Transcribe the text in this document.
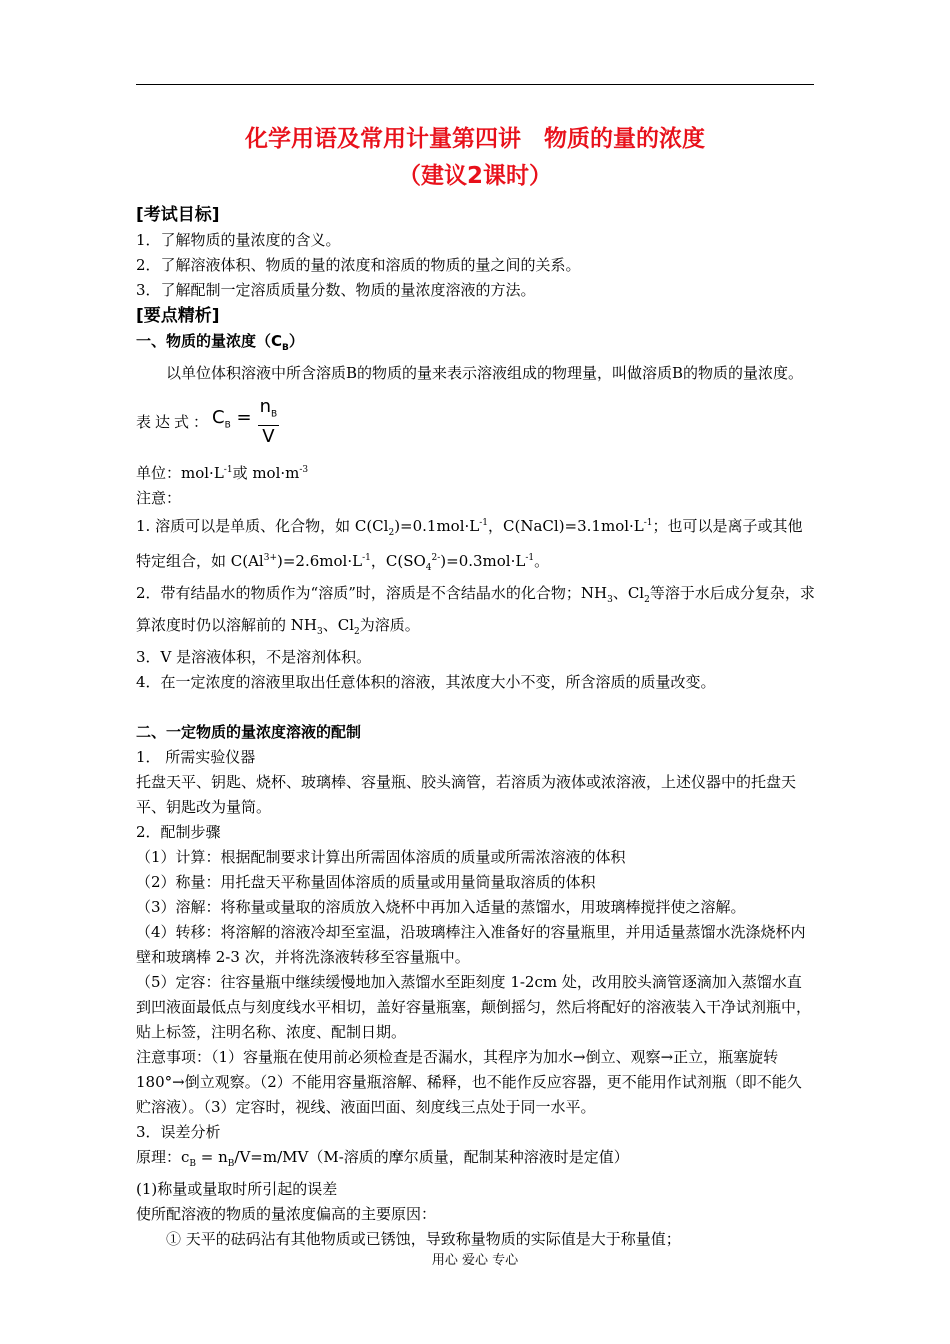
化学用语及常用计量第四讲　物质的量的浓度
（建议2课时）

[考试目标]

1．了解物质的量浓度的含义。

2．了解溶液体积、物质的量的浓度和溶质的物质的量之间的关系。

3．了解配制一定溶质质量分数、物质的量浓度溶液的方法。

[要点精析]

一、物质的量浓度$(C_B)$

以单位体积溶液中所含溶质B的物质的量来表示溶液组成的物理量，叫做溶质B的物质的量浓度。

表达式： $C_B = \frac{n_B}{V}$

单位：$mol\cdot L^{-1}$或 $mol\cdot m^{-3}$

注意：

1. 溶质可以是单质、化合物，如 $C(Cl_2)=0.1mol\cdot L^{-1}$，$C(NaCl)=3.1mol\cdot L^{-1}$；也可以是离子或其他特定组合，如 $C(Al^{3+})=2.6mol\cdot L^{-1}$，$C(SO_4^{2-})=0.3mol\cdot L^{-1}$。

2．带有结晶水的物质作为“溶质”时，溶质是不含结晶水的化合物；$NH_3$、$Cl_2$等溶于水后成分复杂，求算浓度时仍以溶解前的 $NH_3$、$Cl_2$为溶质。

3．V 是溶液体积，不是溶剂体积。

4．在一定浓度的溶液里取出任意体积的溶液，其浓度大小不变，所含溶质的质量改变。

二、一定物质的量浓度溶液的配制

1． 所需实验仪器

托盘天平、钥匙、烧杯、玻璃棒、容量瓶、胶头滴管，若溶质为液体或浓溶液，上述仪器中的托盘天平、钥匙改为量筒。

2．配制步骤

（1）计算：根据配制要求计算出所需固体溶质的质量或所需浓溶液的体积

（2）称量：用托盘天平称量固体溶质的质量或用量筒量取溶质的体积

（3）溶解：将称量或量取的溶质放入烧杯中再加入适量的蒸馏水，用玻璃棒搅拌使之溶解。

（4）转移：将溶解的溶液冷却至室温，沿玻璃棒注入准备好的容量瓶里，并用适量蒸馏水洗涤烧杯内壁和玻璃棒 2-3 次，并将洗涤液转移至容量瓶中。

（5）定容：往容量瓶中继续缓慢地加入蒸馏水至距刻度 1-2cm 处，改用胶头滴管逐滴加入蒸馏水直到凹液面最低点与刻度线水平相切，盖好容量瓶塞，颠倒摇匀，然后将配好的溶液装入干净试剂瓶中，贴上标签，注明名称、浓度、配制日期。

注意事项：（1）容量瓶在使用前必须检查是否漏水，其程序为加水→倒立、观察→正立，瓶塞旋转 180°→倒立观察。（2）不能用容量瓶溶解、稀释，也不能作反应容器，更不能用作试剂瓶（即不能久贮溶液）。（3）定容时，视线、液面凹面、刻度线三点处于同一水平。

3．误差分析

原理：$c_B = n_B/V=m/MV(M-$溶质的摩尔质量，配制某种溶液时是定值）

(1)称量或量取时所引起的误差

使所配溶液的物质的量浓度偏高的主要原因：

① 天平的砝码沾有其他物质或已锈蚀，导致称量物质的实际值是大于称量值；

用心 爱心 专心
